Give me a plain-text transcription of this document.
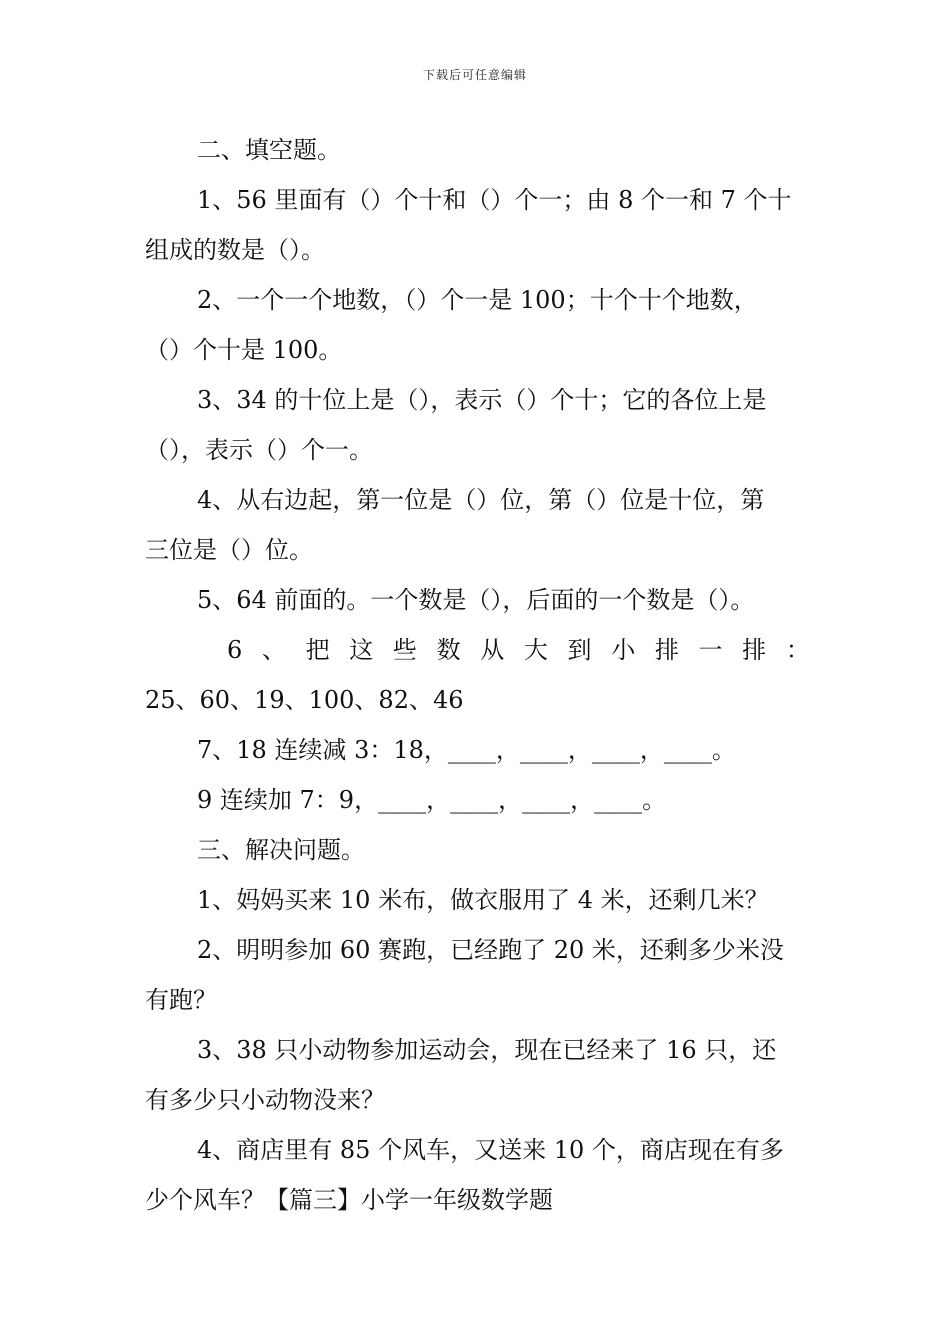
下载后可任意编辑
二、填空题。
1、56 里面有（）个十和（）个一；由 8 个一和 7 个十
组成的数是（）。
2、一个一个地数，（）个一是 100；十个十个地数，
（）个十是 100。
3、34 的十位上是（），表示（）个十；它的各位上是
（），表示（）个一。
4、从右边起，第一位是（）位，第（）位是十位，第
三位是（）位。
5、64 前面的。一个数是（），后面的一个数是（）。
6 、 把 这 些 数 从 大 到 小 排 一 排 ：
25、60、19、100、82、46
7、18 连续减 3：18，____，____，____，____。
9 连续加 7：9，____，____，____，____。
三、解决问题。
1、妈妈买来 10 米布，做衣服用了 4 米，还剩几米？
2、明明参加 60 赛跑，已经跑了 20 米，还剩多少米没
有跑？
3、38 只小动物参加运动会，现在已经来了 16 只，还
有多少只小动物没来？
4、商店里有 85 个风车，又送来 10 个，商店现在有多
少个风车？【篇三】小学一年级数学题
